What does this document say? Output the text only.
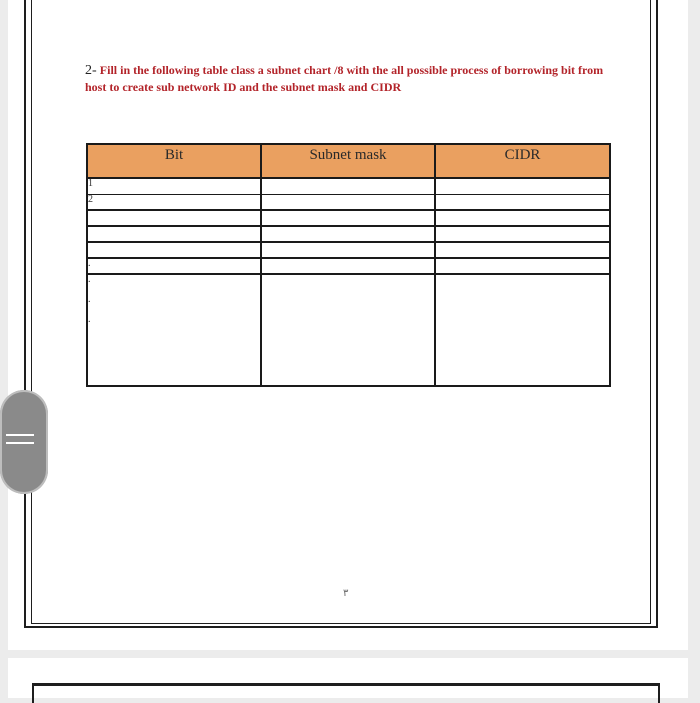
2- Fill in the following table class a subnet chart /8 with the all possible process of borrowing bit from host to create sub network ID and the subnet mask and CIDR
Bit	Subnet mask	CIDR
1		
2		

.		

.
.
.		

٣
